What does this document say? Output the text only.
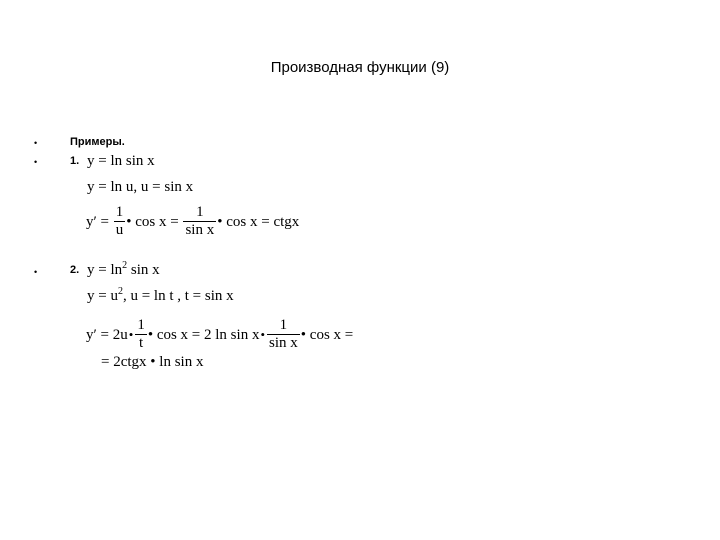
Производная функции (9)
•	Примеры.
•	1. y = ln sin x
y = ln u, u = sin x
$y' = \frac{1}{u}$ • $\cos x = \frac{1}{\text{sin x}}$ • cos x = ctgx
•	2. $y = \ln^2 \sin x$
$y = u^2$, u = ln t , t = sin x
y′ = 2u• $\frac{1}{t}$ • cos x = 2 ln sin x• $\frac{1}{\text{sin x}}$ • cos x =
= 2ctgx • ln sin x
